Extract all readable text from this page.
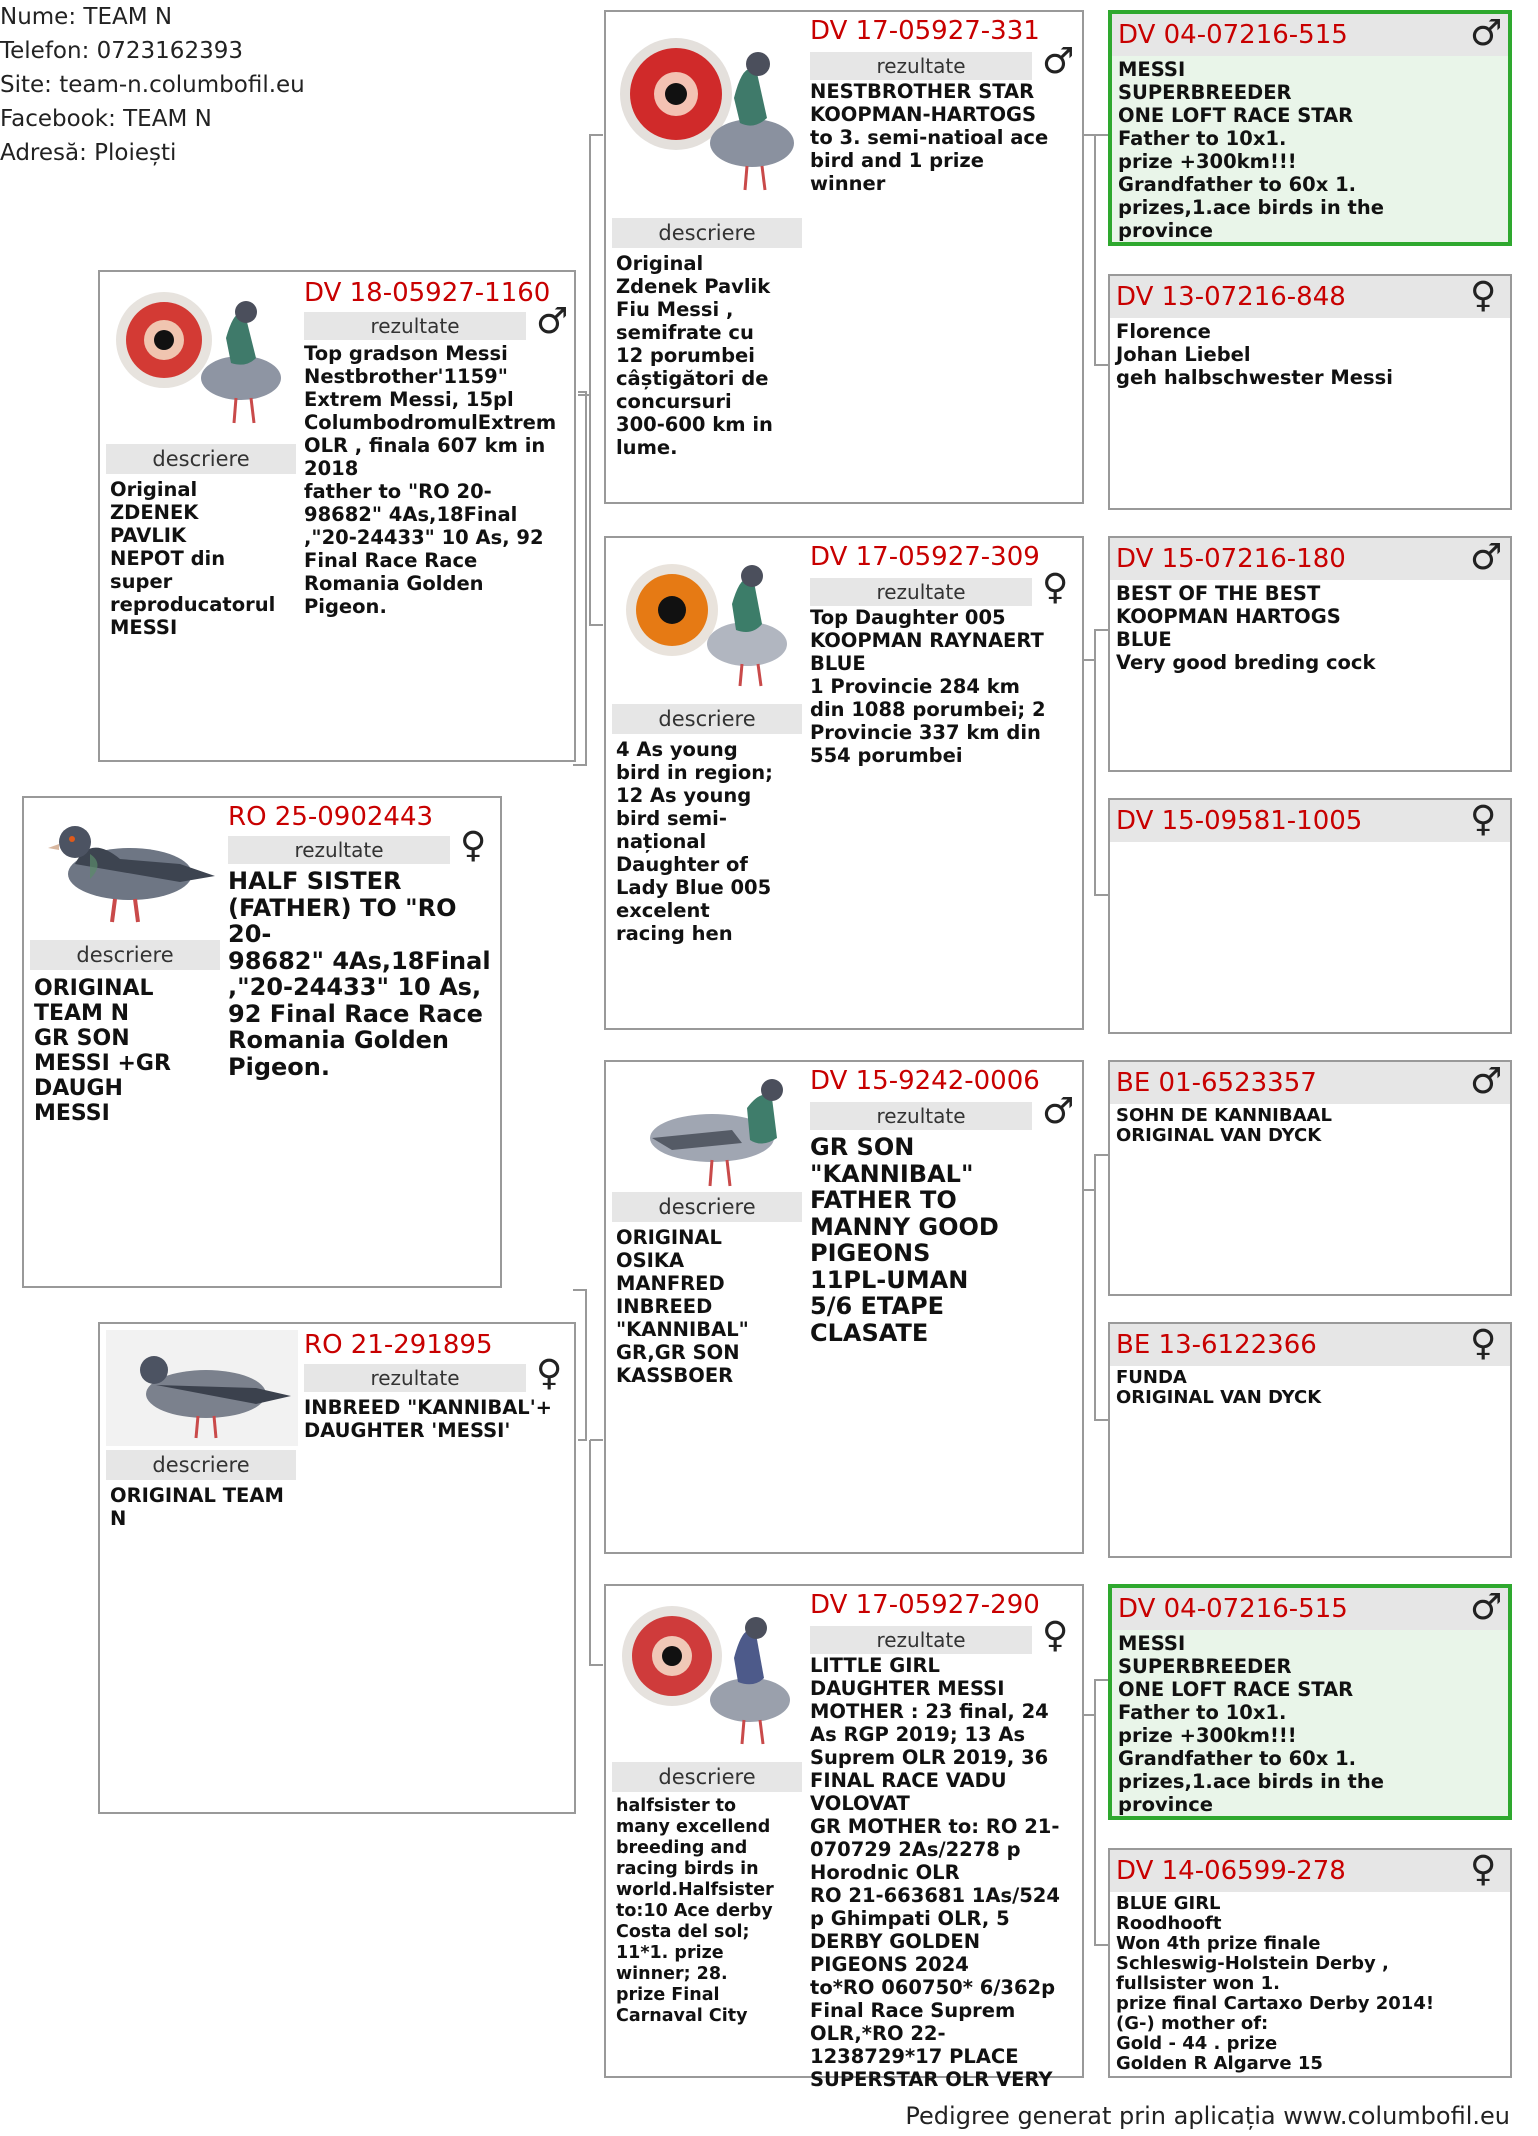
Nume: TEAM N
Telefon: 0723162393
Site: team-n.columbofil.eu
Facebook: TEAM N
Adresă: Ploiești
descriere
ORIGINAL
TEAM N
GR SON
MESSI +GR
DAUGH
MESSI
RO 25-0902443
rezultate	♀
HALF SISTER
(FATHER) TO "RO 20-
98682" 4As,18Final
,"20-24433" 10 As,
92 Final Race Race
Romania Golden
Pigeon.
descriere
Original
ZDENEK
PAVLIK
NEPOT din
super
reproducatorul
MESSI
DV 18-05927-1160
rezultate	♂
Top gradson Messi
Nestbrother'1159"
Extrem Messi, 15pl
ColumbodromulExtrem
OLR , finala 607 km in
2018
father to "RO 20-
98682" 4As,18Final
,"20-24433" 10 As, 92
Final Race Race
Romania Golden
Pigeon.
descriere
ORIGINAL TEAM
N
RO 21-291895
rezultate	♀
INBREED "KANNIBAL'+
DAUGHTER 'MESSI'
descriere
Original
Zdenek Pavlik
Fiu Messi ,
semifrate cu
12 porumbei
câștigători de
concursuri
300-600 km in
lume.
DV 17-05927-331
rezultate	♂
NESTBROTHER STAR
KOOPMAN-HARTOGS
to 3. semi-natioal ace
bird and 1 prize
winner
descriere
4 As young
bird in region;
12 As young
bird semi-
național
Daughter of
Lady Blue 005
excelent
racing hen
DV 17-05927-309
rezultate	♀
Top Daughter 005
KOOPMAN RAYNAERT
BLUE
1 Provincie 284 km
din 1088 porumbei; 2
Provincie 337 km din
554 porumbei
descriere
ORIGINAL
OSIKA
MANFRED
INBREED
"KANNIBAL"
GR,GR SON
KASSBOER
DV 15-9242-0006
rezultate	♂
GR SON
"KANNIBAL"
FATHER TO
MANNY GOOD
PIGEONS
11PL-UMAN
5/6 ETAPE
CLASATE
descriere
halfsister to
many excellend
breeding and
racing birds in
world.Halfsister
to:10 Ace derby
Costa del sol;
11*1. prize
winner; 28.
prize Final
Carnaval City
DV 17-05927-290
rezultate	♀
LITTLE GIRL
DAUGHTER MESSI
MOTHER : 23 final, 24
As RGP 2019; 13 As
Suprem OLR 2019, 36
FINAL RACE VADU
VOLOVAT
GR MOTHER to: RO 21-
070729 2As/2278 p
Horodnic OLR
RO 21-663681 1As/524
p Ghimpati OLR, 5
DERBY GOLDEN
PIGEONS 2024
to*RO 060750* 6/362p
Final Race Suprem
OLR,*RO 22-
1238729*17 PLACE
SUPERSTAR OLR VERY
DV 04-07216-515	♂
MESSI
SUPERBREEDER
ONE LOFT RACE STAR
Father to 10x1.
prize +300km!!!
Grandfather to 60x 1.
prizes,1.ace birds in the
province
DV 13-07216-848	♀
Florence
Johan Liebel
geh halbschwester Messi
DV 15-07216-180	♂
BEST OF THE BEST
KOOPMAN HARTOGS
BLUE
Very good breding cock
DV 15-09581-1005	♀
BE 01-6523357	♂
SOHN DE KANNIBAAL
ORIGINAL VAN DYCK
BE 13-6122366	♀
FUNDA
ORIGINAL VAN DYCK
DV 04-07216-515	♂
MESSI
SUPERBREEDER
ONE LOFT RACE STAR
Father to 10x1.
prize +300km!!!
Grandfather to 60x 1.
prizes,1.ace birds in the
province
DV 14-06599-278	♀
BLUE GIRL
Roodhooft
Won 4th prize finale
Schleswig-Holstein Derby ,
fullsister won 1.
prize final Cartaxo Derby 2014!
(G-) mother of:
Gold - 44 . prize
Golden R Algarve 15
Pedigree generat prin aplicația www.columbofil.eu
